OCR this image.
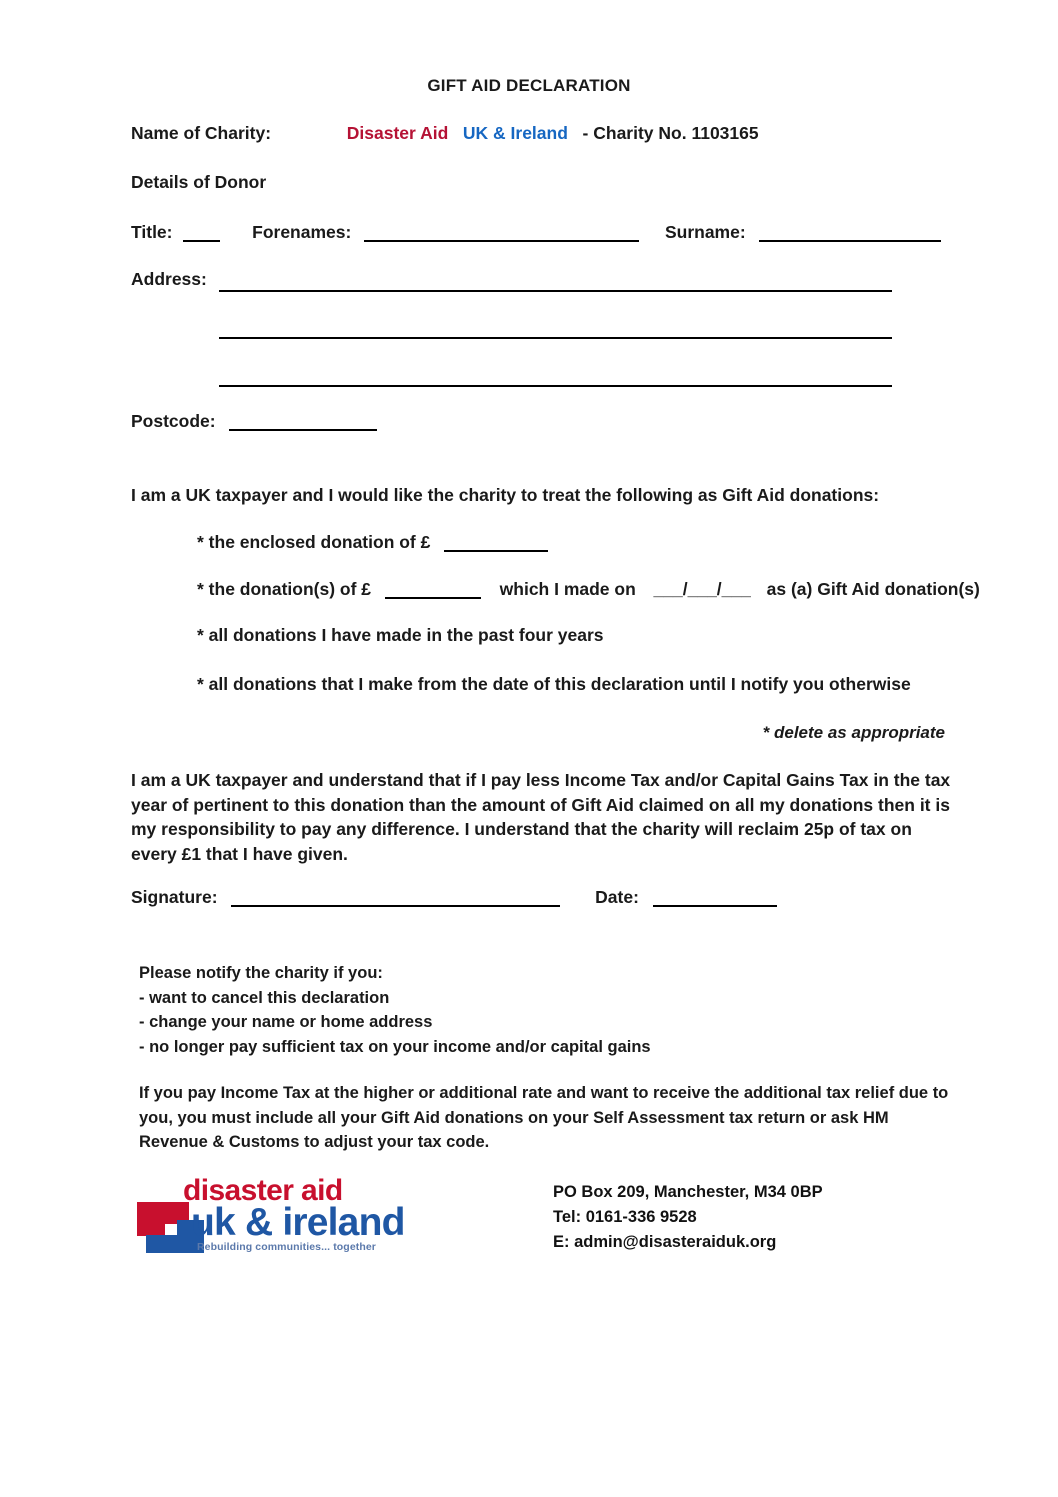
GIFT AID DECLARATION
Name of Charity:	Disaster Aid UK & Ireland - Charity No. 1103165
Details of Donor
Title:	Forenames:	Surname:
Address:
Postcode:
I am a UK taxpayer and I would like the charity to treat the following as Gift Aid donations:
* the enclosed donation of £
* the donation(s) of £	which I made on ___/___/___ as (a) Gift Aid donation(s)
* all donations I have made in the past four years
* all donations that I make from the date of this declaration until I notify you otherwise
* delete as appropriate
I am a UK taxpayer and understand that if I pay less Income Tax and/or Capital Gains Tax in the tax year of pertinent to this donation than the amount of Gift Aid claimed on all my donations then it is my responsibility to pay any difference. I understand that the charity will reclaim 25p of tax on every £1 that I have given.
Signature:	Date:
Please notify the charity if you:
- want to cancel this declaration
- change your name or home address
- no longer pay sufficient tax on your income and/or capital gains
If you pay Income Tax at the higher or additional rate and want to receive the additional tax relief due to you, you must include all your Gift Aid donations on your Self Assessment tax return or ask HM Revenue & Customs to adjust your tax code.
disaster aid
uk & ireland
Rebuilding communities... together
PO Box 209, Manchester, M34 0BP
Tel: 0161-336 9528
E: admin@disasteraiduk.org
